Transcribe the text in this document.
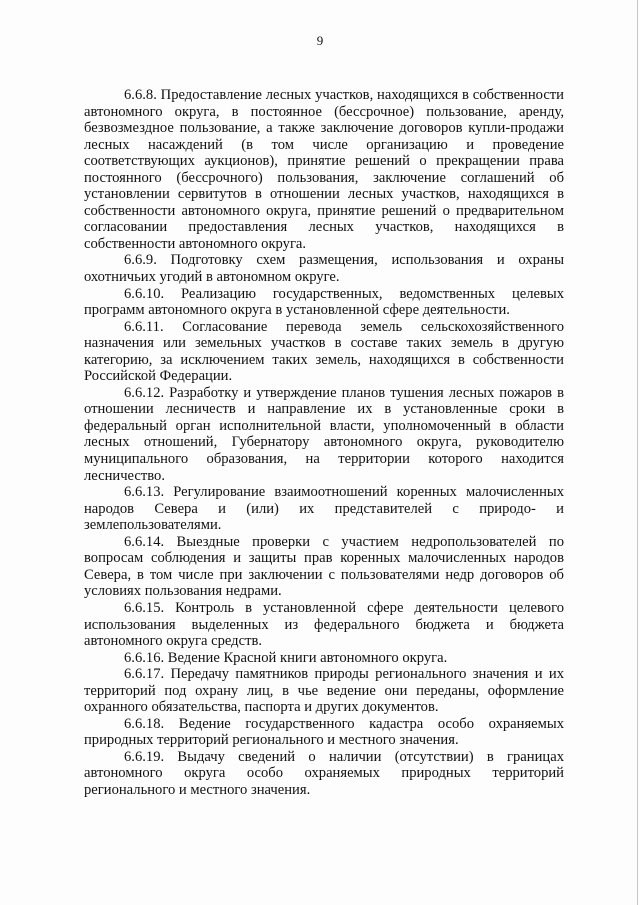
9

6.6.8. Предоставление лесных участков, находящихся в собственности автономного округа, в постоянное (бессрочное) пользование, аренду, безвозмездное пользование, а также заключение договоров купли-продажи лесных насаждений (в том числе организацию и проведение соответствующих аукционов), принятие решений о прекращении права постоянного (бессрочного) пользования, заключение соглашений об установлении сервитутов в отношении лесных участков, находящихся в собственности автономного округа, принятие решений о предварительном согласовании предоставления лесных участков, находящихся в собственности автономного округа.

6.6.9. Подготовку схем размещения, использования и охраны охотничьих угодий в автономном округе.

6.6.10. Реализацию государственных, ведомственных целевых программ автономного округа в установленной сфере деятельности.

6.6.11. Согласование перевода земель сельскохозяйственного назначения или земельных участков в составе таких земель в другую категорию, за исключением таких земель, находящихся в собственности Российской Федерации.

6.6.12. Разработку и утверждение планов тушения лесных пожаров в отношении лесничеств и направление их в установленные сроки в федеральный орган исполнительной власти, уполномоченный в области лесных отношений, Губернатору автономного округа, руководителю муниципального образования, на территории которого находится лесничество.

6.6.13. Регулирование взаимоотношений коренных малочисленных народов Севера и (или) их представителей с природо- и землепользователями.

6.6.14. Выездные проверки с участием недропользователей по вопросам соблюдения и защиты прав коренных малочисленных народов Севера, в том числе при заключении с пользователями недр договоров об условиях пользования недрами.

6.6.15. Контроль в установленной сфере деятельности целевого использования выделенных из федерального бюджета и бюджета автономного округа средств.

6.6.16. Ведение Красной книги автономного округа.

6.6.17. Передачу памятников природы регионального значения и их территорий под охрану лиц, в чье ведение они переданы, оформление охранного обязательства, паспорта и других документов.

6.6.18. Ведение государственного кадастра особо охраняемых природных территорий регионального и местного значения.

6.6.19. Выдачу сведений о наличии (отсутствии) в границах автономного округа особо охраняемых природных территорий регионального и местного значения.
